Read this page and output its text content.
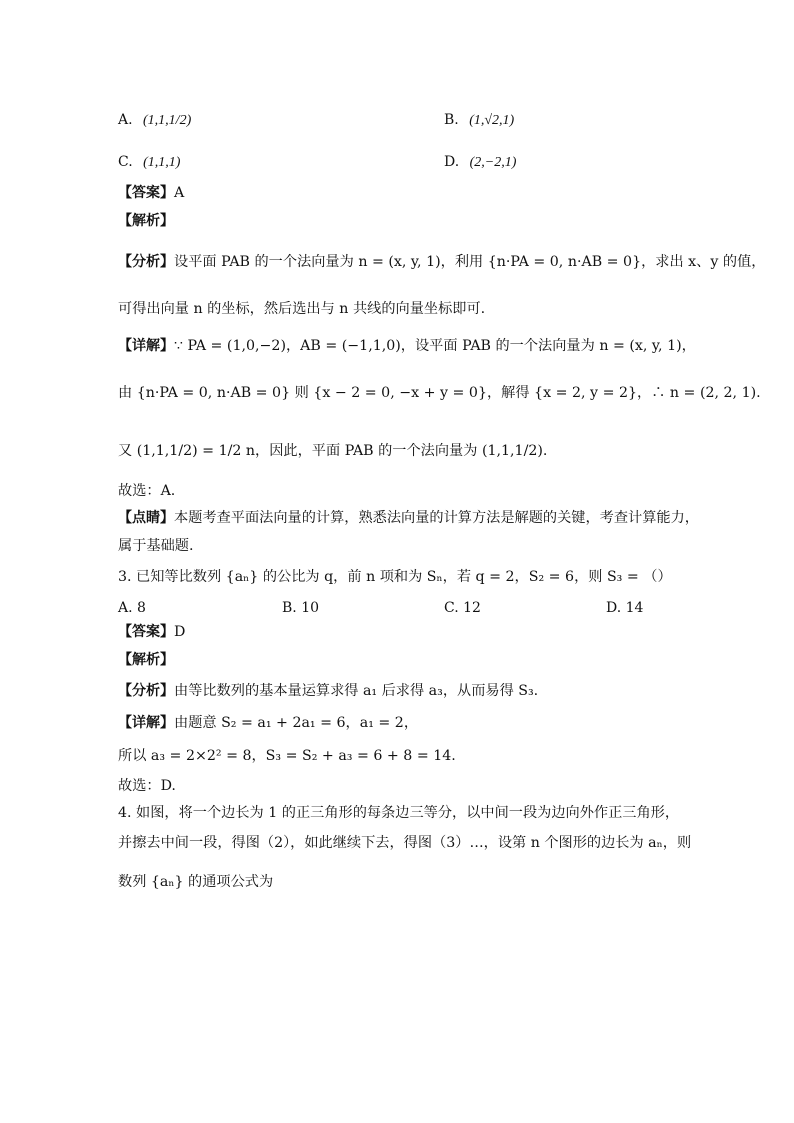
A. (1,1,1/2)	B. (1,√2,1)
C. (1,1,1)	D. (2,−2,1)
【答案】A
【解析】
【分析】设平面 PAB 的一个法向量为 n = (x, y, 1)，利用 {n·PA = 0, n·AB = 0}，求出 x、y 的值，
可得出向量 n 的坐标，然后选出与 n 共线的向量坐标即可.
【详解】∵ PA = (1,0,−2)，AB = (−1,1,0)，设平面 PAB 的一个法向量为 n = (x, y, 1)，
由 {n·PA = 0, n·AB = 0} 则 {x − 2 = 0, −x + y = 0}，解得 {x = 2, y = 2}，∴ n = (2, 2, 1).
又 (1,1,1/2) = 1/2 n，因此，平面 PAB 的一个法向量为 (1,1,1/2).
故选：A.
【点睛】本题考查平面法向量的计算，熟悉法向量的计算方法是解题的关键，考查计算能力，
属于基础题.
3. 已知等比数列 {aₙ} 的公比为 q，前 n 项和为 Sₙ，若 q = 2，S₂ = 6，则 S₃ = （）
A. 8	B. 10	C. 12	D. 14
【答案】D
【解析】
【分析】由等比数列的基本量运算求得 a₁ 后求得 a₃，从而易得 S₃.
【详解】由题意 S₂ = a₁ + 2a₁ = 6，a₁ = 2，
所以 a₃ = 2×2² = 8，S₃ = S₂ + a₃ = 6 + 8 = 14.
故选：D.
4. 如图，将一个边长为 1 的正三角形的每条边三等分，以中间一段为边向外作正三角形，
并擦去中间一段，得图（2），如此继续下去，得图（3）…，设第 n 个图形的边长为 aₙ，则
数列 {aₙ} 的通项公式为
